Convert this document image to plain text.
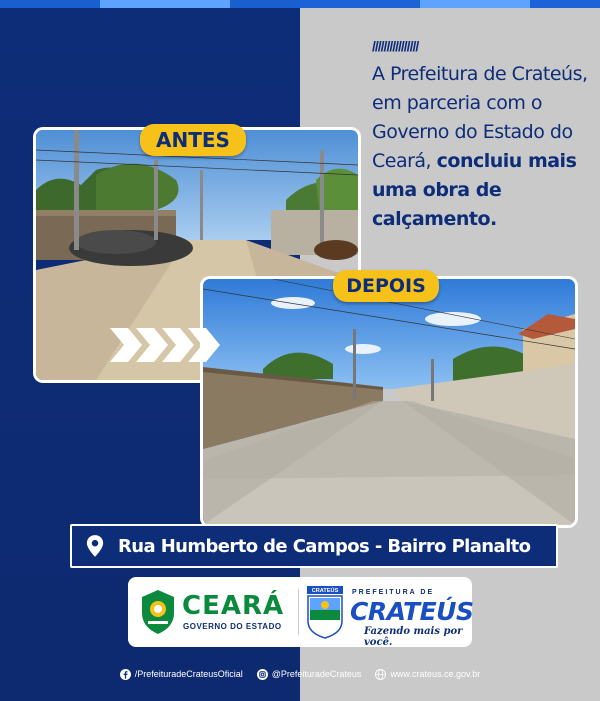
////////////////
A Prefeitura de Crateús, em parceria com o Governo do Estado do Ceará, concluiu mais uma obra de calçamento.
ANTES
DEPOIS
Rua Humberto de Campos - Bairro Planalto
CEARÁ
GOVERNO DO ESTADO
CRATEÚS PREFEITURA DE
CRATEÚS
Fazendo mais por você.
/PrefeituradeCrateusOficial	@PrefeituradeCrateus	www.crateus.ce.gov.br
